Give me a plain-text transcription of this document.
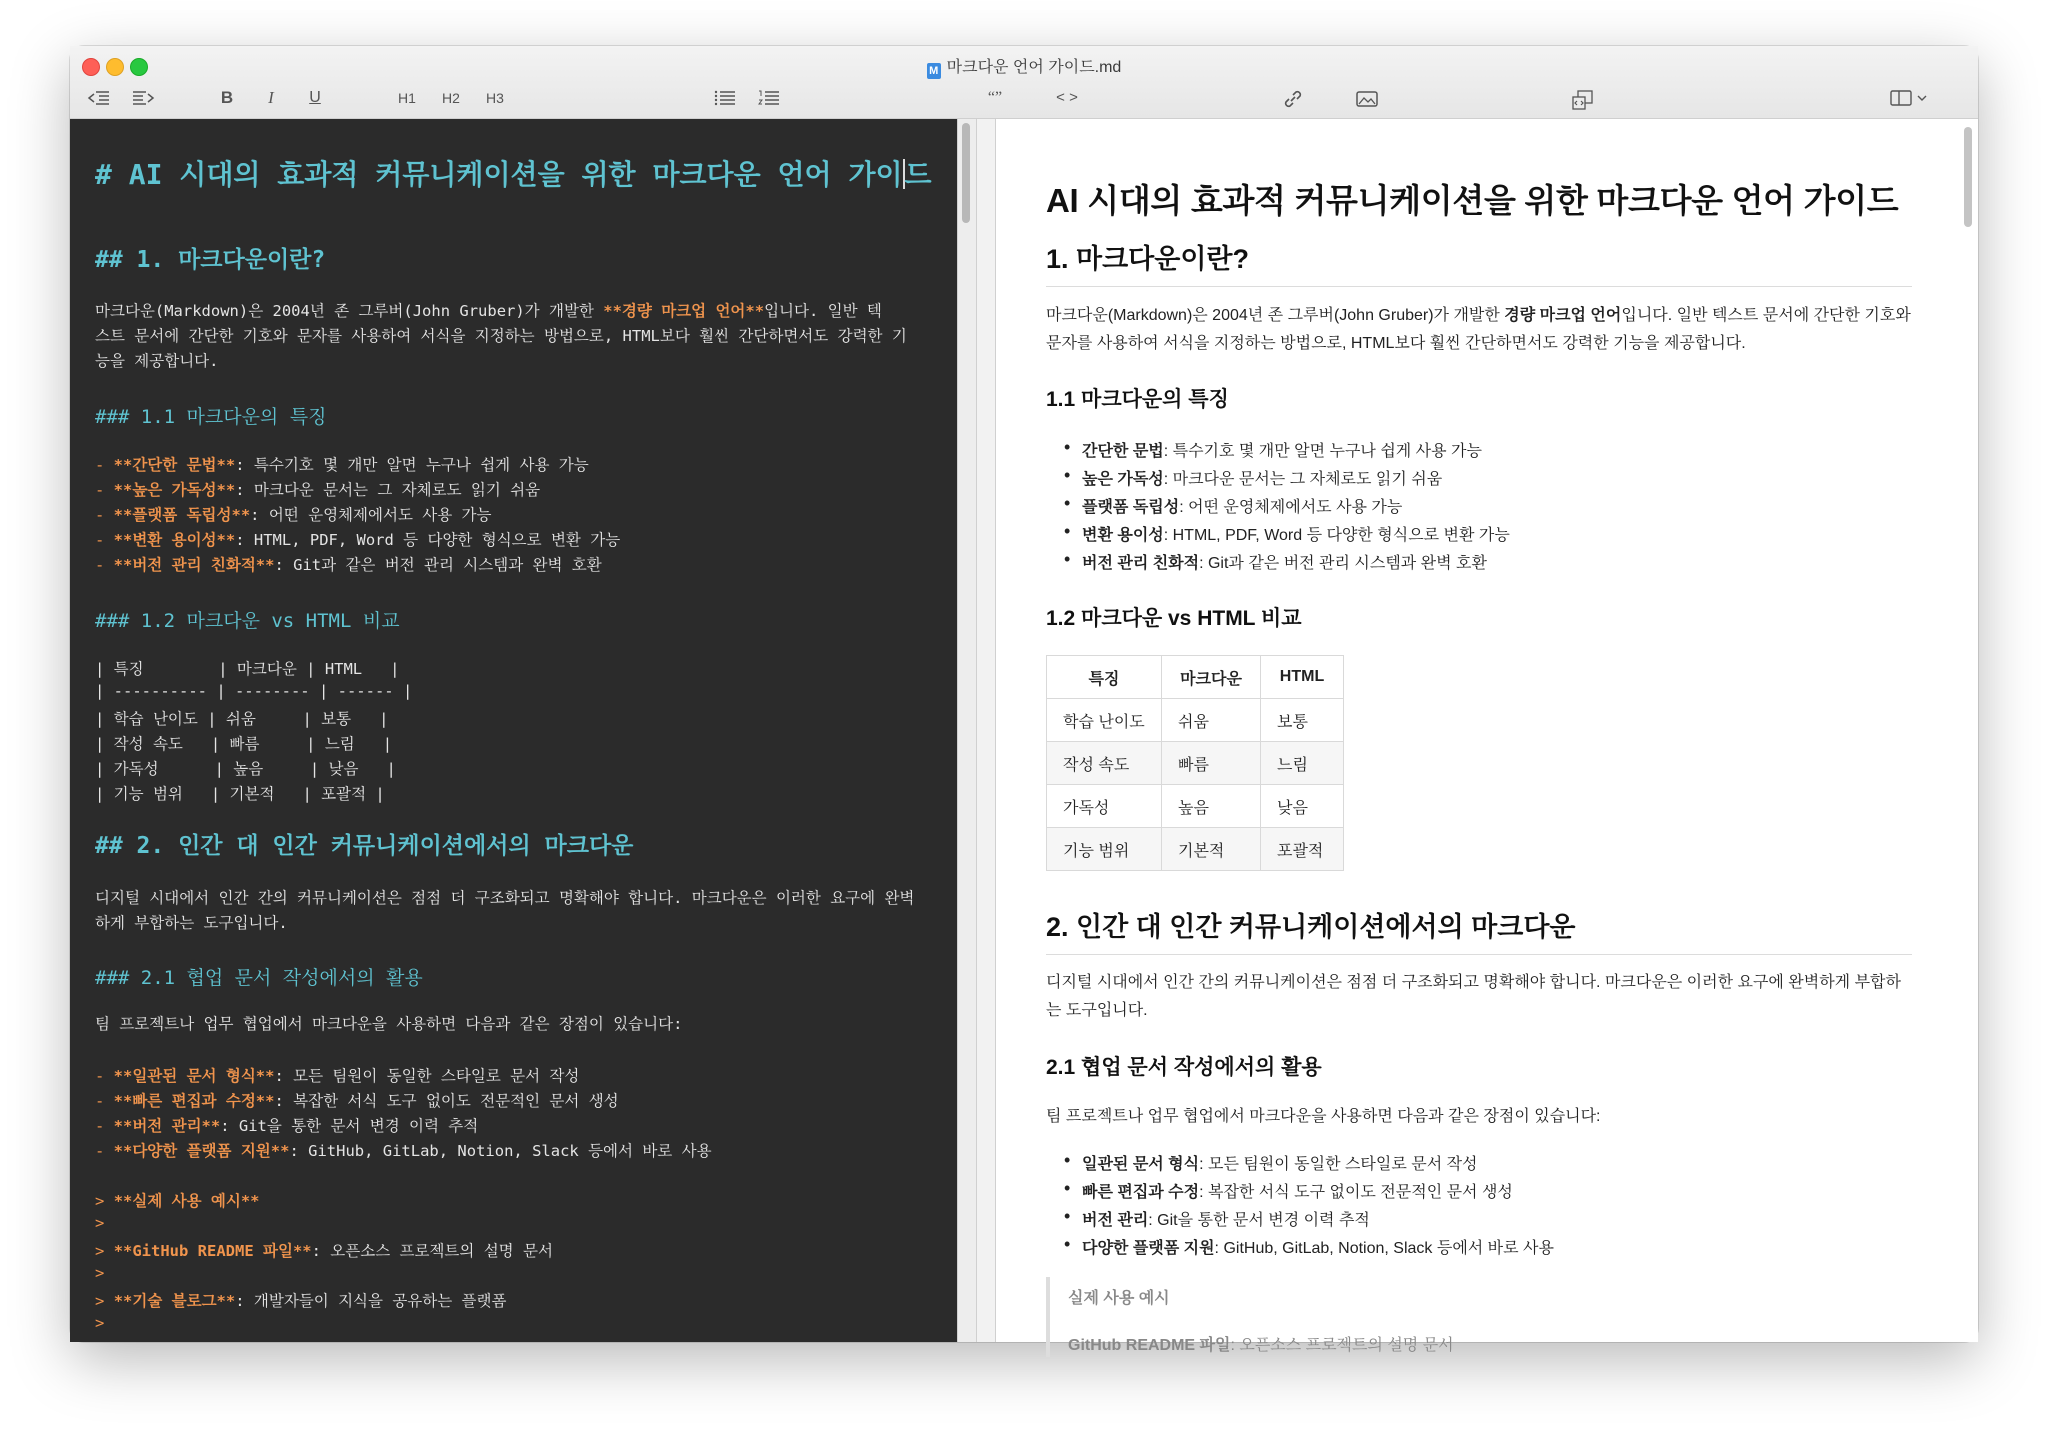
M 마크다운 언어 가이드.md
B	I	U	H1	H2	H3	“”	< >
# AI 시대의 효과적 커뮤니케이션을 위한 마크다운 언어 가이드
## 1. 마크다운이란?
마크다운(Markdown)은 2004년 존 그루버(John Gruber)가 개발한 **경량 마크업 언어**입니다. 일반 텍
스트 문서에 간단한 기호와 문자를 사용하여 서식을 지정하는 방법으로, HTML보다 훨씬 간단하면서도 강력한 기
능을 제공합니다.
### 1.1 마크다운의 특징
- **간단한 문법**: 특수기호 몇 개만 알면 누구나 쉽게 사용 가능
- **높은 가독성**: 마크다운 문서는 그 자체로도 읽기 쉬움
- **플랫폼 독립성**: 어떤 운영체제에서도 사용 가능
- **변환 용이성**: HTML, PDF, Word 등 다양한 형식으로 변환 가능
- **버전 관리 친화적**: Git과 같은 버전 관리 시스템과 완벽 호환
### 1.2 마크다운 vs HTML 비교
| 특징        | 마크다운 | HTML   |
| ---------- | -------- | ------ |
| 학습 난이도 | 쉬움     | 보통   |
| 작성 속도   | 빠름     | 느림   |
| 가독성      | 높음     | 낮음   |
| 기능 범위   | 기본적   | 포괄적 |
## 2. 인간 대 인간 커뮤니케이션에서의 마크다운
디지털 시대에서 인간 간의 커뮤니케이션은 점점 더 구조화되고 명확해야 합니다. 마크다운은 이러한 요구에 완벽
하게 부합하는 도구입니다.
### 2.1 협업 문서 작성에서의 활용
팀 프로젝트나 업무 협업에서 마크다운을 사용하면 다음과 같은 장점이 있습니다:
- **일관된 문서 형식**: 모든 팀원이 동일한 스타일로 문서 작성
- **빠른 편집과 수정**: 복잡한 서식 도구 없이도 전문적인 문서 생성
- **버전 관리**: Git을 통한 문서 변경 이력 추적
- **다양한 플랫폼 지원**: GitHub, GitLab, Notion, Slack 등에서 바로 사용
> **실제 사용 예시**
>
> **GitHub README 파일**: 오픈소스 프로젝트의 설명 문서
>
> **기술 블로그**: 개발자들이 지식을 공유하는 플랫폼
>
AI 시대의 효과적 커뮤니케이션을 위한 마크다운 언어 가이드
1. 마크다운이란?
마크다운(Markdown)은 2004년 존 그루버(John Gruber)가 개발한 경량 마크업 언어입니다. 일반 텍스트 문서에 간단한 기호와 문자를 사용하여 서식을 지정하는 방법으로, HTML보다 훨씬 간단하면서도 강력한 기능을 제공합니다.
1.1 마크다운의 특징
• 간단한 문법: 특수기호 몇 개만 알면 누구나 쉽게 사용 가능
• 높은 가독성: 마크다운 문서는 그 자체로도 읽기 쉬움
• 플랫폼 독립성: 어떤 운영체제에서도 사용 가능
• 변환 용이성: HTML, PDF, Word 등 다양한 형식으로 변환 가능
• 버전 관리 친화적: Git과 같은 버전 관리 시스템과 완벽 호환
1.2 마크다운 vs HTML 비교
특징	마크다운	HTML
학습 난이도	쉬움	보통
작성 속도	빠름	느림
가독성	높음	낮음
기능 범위	기본적	포괄적
2. 인간 대 인간 커뮤니케이션에서의 마크다운
디지털 시대에서 인간 간의 커뮤니케이션은 점점 더 구조화되고 명확해야 합니다. 마크다운은 이러한 요구에 완벽하게 부합하는 도구입니다.
2.1 협업 문서 작성에서의 활용
팀 프로젝트나 업무 협업에서 마크다운을 사용하면 다음과 같은 장점이 있습니다:
• 일관된 문서 형식: 모든 팀원이 동일한 스타일로 문서 작성
• 빠른 편집과 수정: 복잡한 서식 도구 없이도 전문적인 문서 생성
• 버전 관리: Git을 통한 문서 변경 이력 추적
• 다양한 플랫폼 지원: GitHub, GitLab, Notion, Slack 등에서 바로 사용
실제 사용 예시
GitHub README 파일: 오픈소스 프로젝트의 설명 문서
